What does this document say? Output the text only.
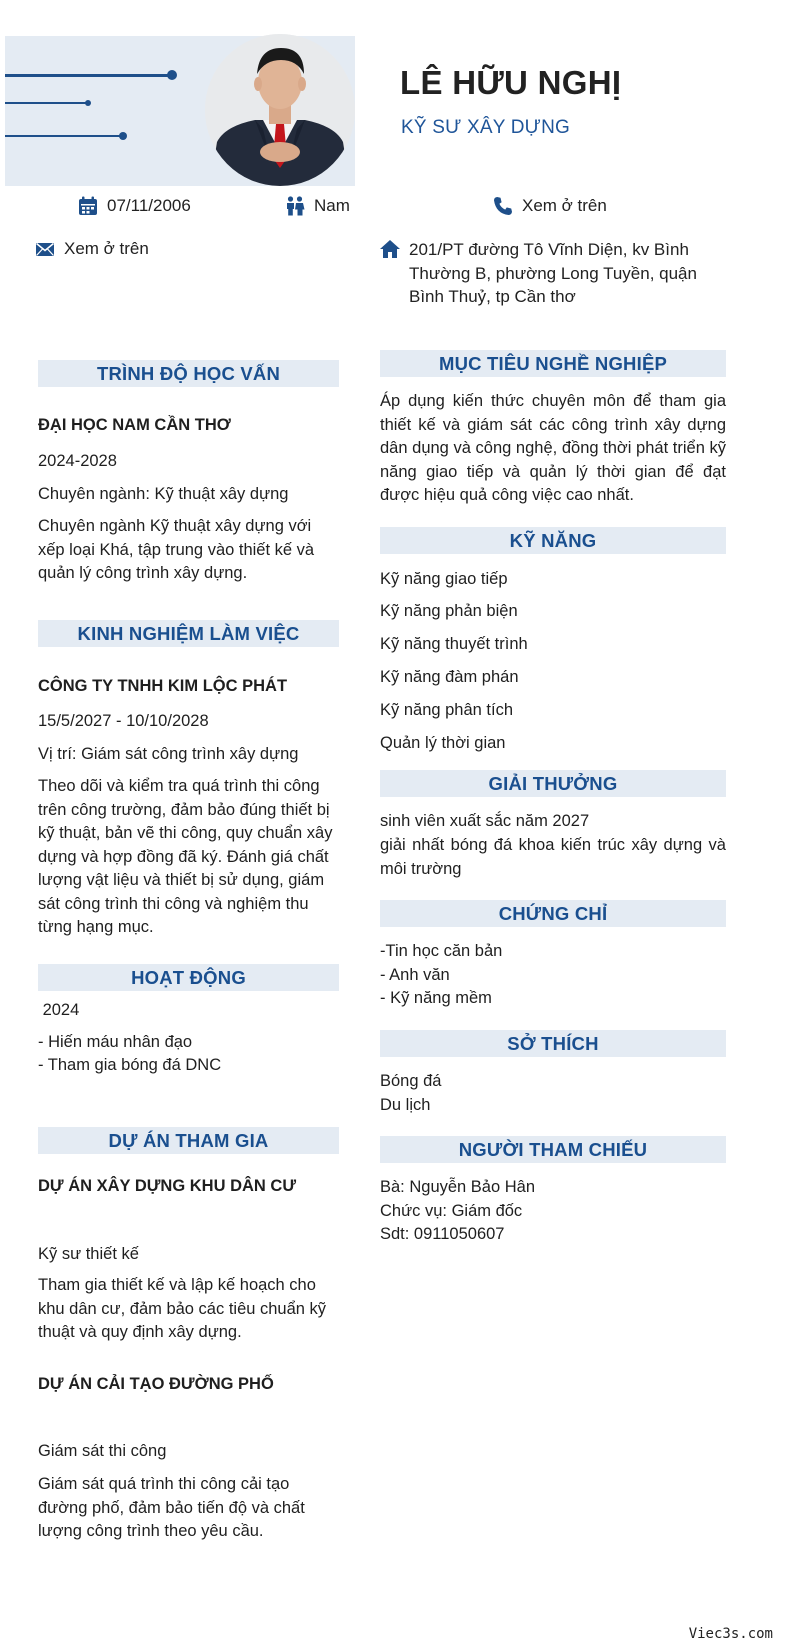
LÊ HỮU NGHỊ
KỸ SƯ XÂY DỰNG
07/11/2006	Nam	Xem ở trên
Xem ở trên	201/PT đường Tô Vĩnh Diện, kv Bình Thường B, phường Long Tuyền, quận Bình Thuỷ, tp Cần thơ
TRÌNH ĐỘ HỌC VẤN
ĐẠI HỌC NAM CẦN THƠ
2024-2028
Chuyên ngành: Kỹ thuật xây dựng
Chuyên ngành Kỹ thuật xây dựng với xếp loại Khá, tập trung vào thiết kế và quản lý công trình xây dựng.
KINH NGHIỆM LÀM VIỆC
CÔNG TY TNHH KIM LỘC PHÁT
15/5/2027 - 10/10/2028
Vị trí: Giám sát công trình xây dựng
Theo dõi và kiểm tra quá trình thi công trên công trường, đảm bảo đúng thiết bị kỹ thuật, bản vẽ thi công, quy chuẩn xây dựng và hợp đồng đã ký. Đánh giá chất lượng vật liệu và thiết bị sử dụng, giám sát công trình thi công và nghiệm thu từng hạng mục.
HOẠT ĐỘNG
2024
- Hiến máu nhân đạo
- Tham gia bóng đá DNC
DỰ ÁN THAM GIA
DỰ ÁN XÂY DỰNG KHU DÂN CƯ
Kỹ sư thiết kế
Tham gia thiết kế và lập kế hoạch cho khu dân cư, đảm bảo các tiêu chuẩn kỹ thuật và quy định xây dựng.
DỰ ÁN CẢI TẠO ĐƯỜNG PHỐ
Giám sát thi công
Giám sát quá trình thi công cải tạo đường phố, đảm bảo tiến độ và chất lượng công trình theo yêu cầu.
MỤC TIÊU NGHỀ NGHIỆP
Áp dụng kiến thức chuyên môn để tham gia thiết kế và giám sát các công trình xây dựng dân dụng và công nghệ, đồng thời phát triển kỹ năng giao tiếp và quản lý thời gian để đạt được hiệu quả công việc cao nhất.
KỸ NĂNG
Kỹ năng giao tiếp
Kỹ năng phản biện
Kỹ năng thuyết trình
Kỹ năng đàm phán
Kỹ năng phân tích
Quản lý thời gian
GIẢI THƯỞNG
sinh viên xuất sắc năm 2027
giải nhất bóng đá khoa kiến trúc xây dựng và môi trường
CHỨNG CHỈ
-Tin học căn bản
- Anh văn
- Kỹ năng mềm
SỞ THÍCH
Bóng đá
Du lịch
NGƯỜI THAM CHIẾU
Bà: Nguyễn Bảo Hân
Chức vụ: Giám đốc
Sdt: 0911050607
Viec3s.com
